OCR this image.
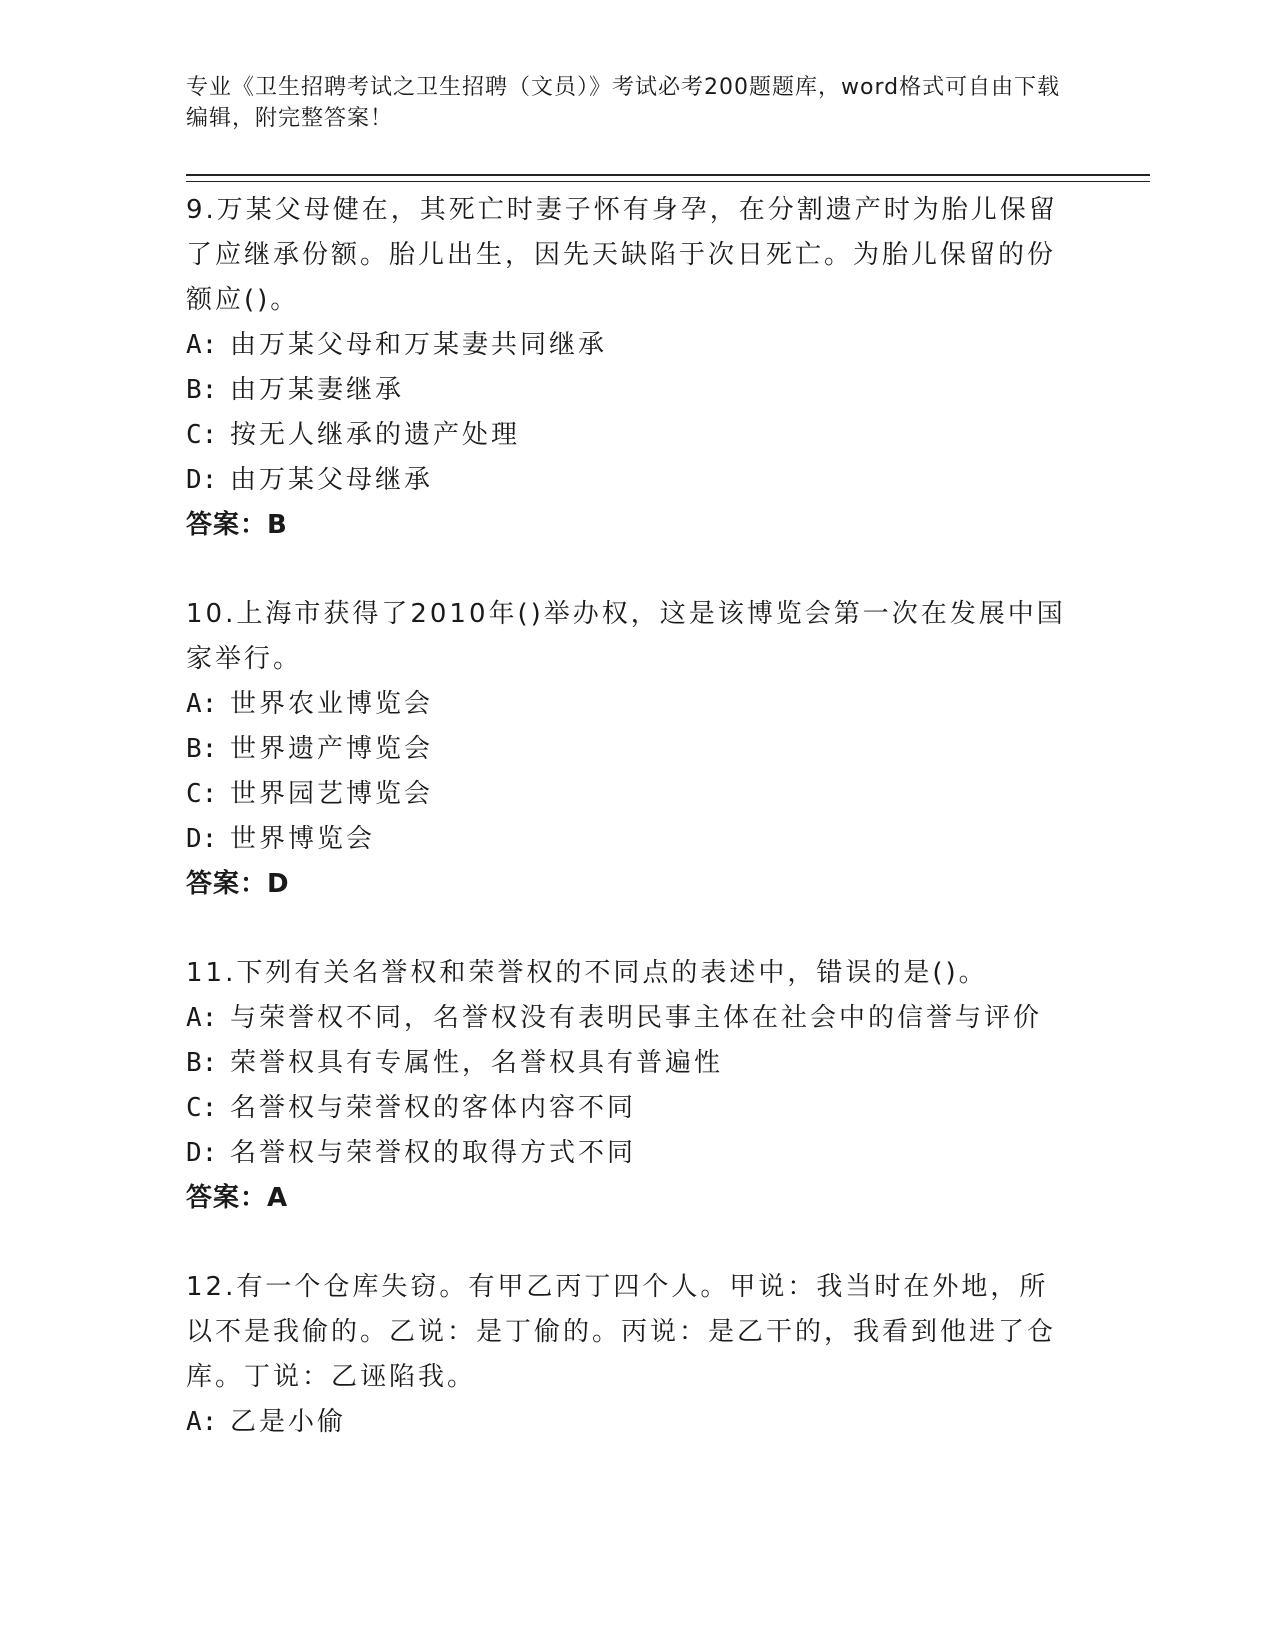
专业《卫生招聘考试之卫生招聘（文员）》考试必考200题题库，word格式可自由下载编辑，附完整答案！

9.万某父母健在，其死亡时妻子怀有身孕，在分割遗产时为胎儿保留了应继承份额。胎儿出生，因先天缺陷于次日死亡。为胎儿保留的份额应()。

A: 由万某父母和万某妻共同继承
B: 由万某妻继承
C: 按无人继承的遗产处理
D: 由万某父母继承

答案：B

10.上海市获得了2010年()举办权，这是该博览会第一次在发展中国家举行。

A: 世界农业博览会
B: 世界遗产博览会
C: 世界园艺博览会
D: 世界博览会

答案：D

11.下列有关名誉权和荣誉权的不同点的表述中，错误的是()。

A: 与荣誉权不同，名誉权没有表明民事主体在社会中的信誉与评价
B: 荣誉权具有专属性，名誉权具有普遍性
C: 名誉权与荣誉权的客体内容不同
D: 名誉权与荣誉权的取得方式不同

答案：A

12.有一个仓库失窃。有甲乙丙丁四个人。甲说：我当时在外地，所以不是我偷的。乙说：是丁偷的。丙说：是乙干的，我看到他进了仓库。丁说：乙诬陷我。

A: 乙是小偷
